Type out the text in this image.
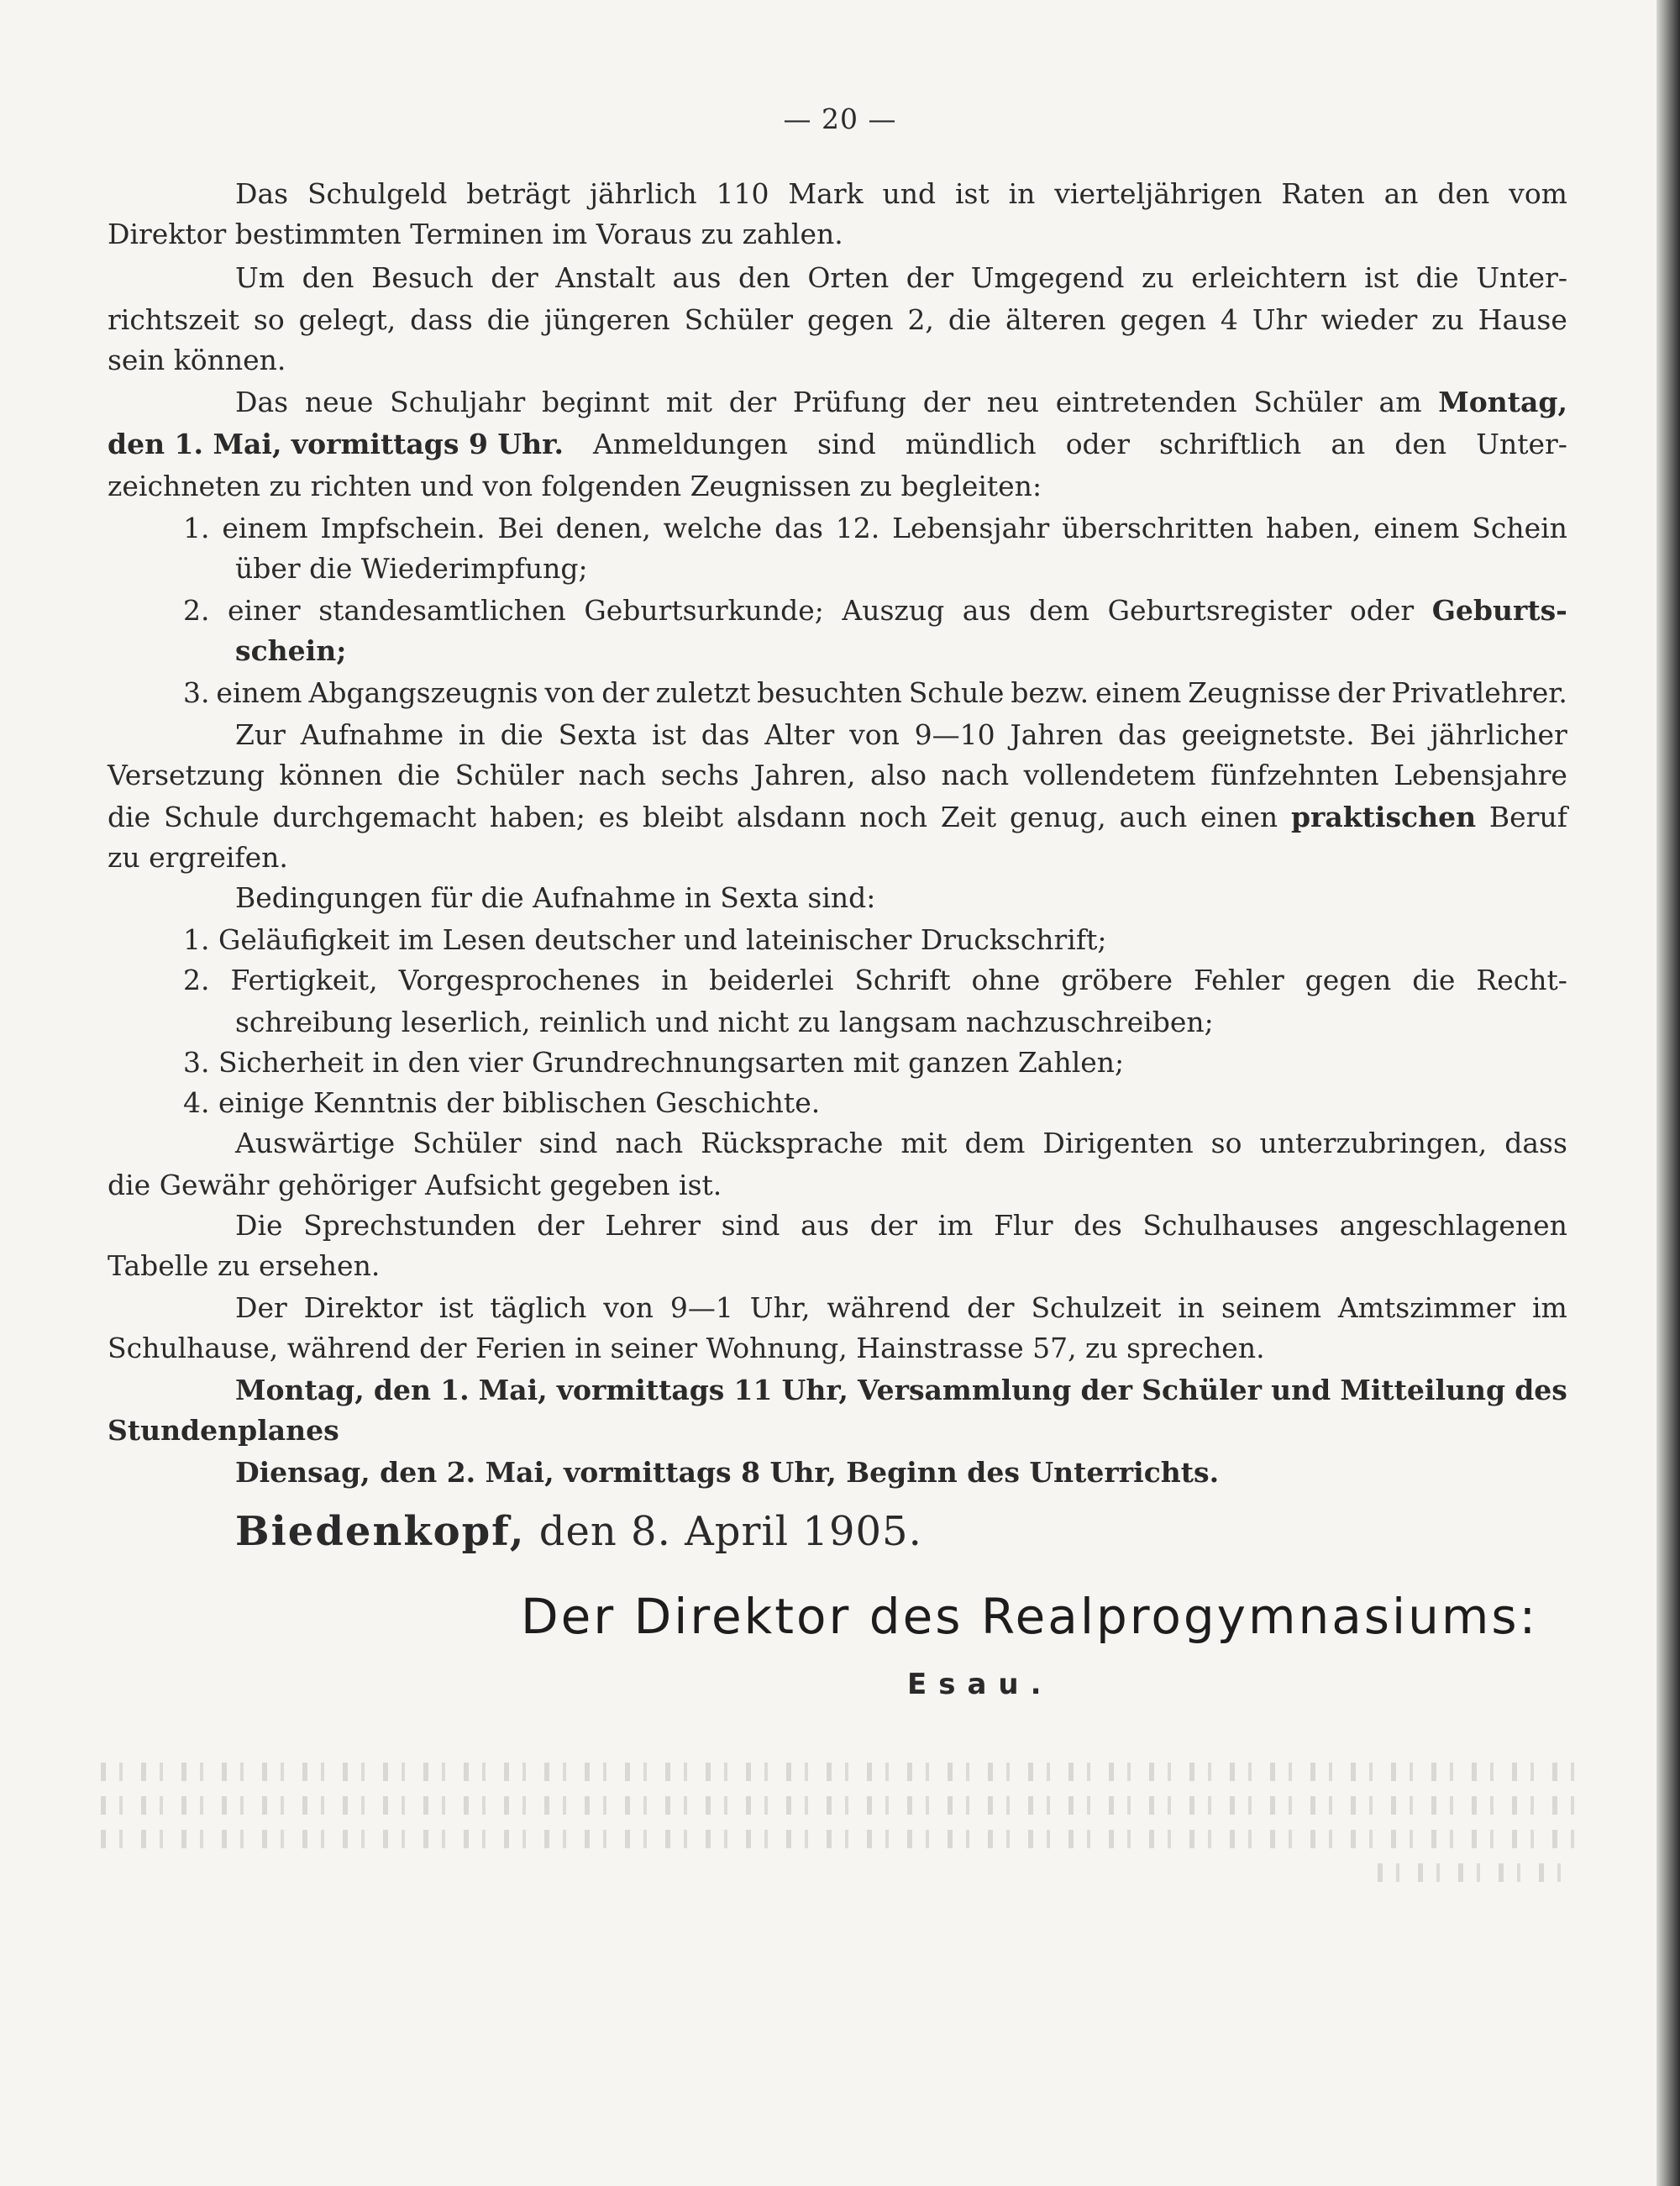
— 20 —
Das Schulgeld beträgt jährlich 110 Mark und ist in vierteljährigen Raten an den vom
Direktor bestimmten Terminen im Voraus zu zahlen.
Um den Besuch der Anstalt aus den Orten der Umgegend zu erleichtern ist die Unter-
richtszeit so gelegt, dass die jüngeren Schüler gegen 2, die älteren gegen 4 Uhr wieder zu Hause
sein können.
Das neue Schuljahr beginnt mit der Prüfung der neu eintretenden Schüler am Montag,
den 1. Mai, vormittags 9 Uhr. Anmeldungen sind mündlich oder schriftlich an den Unter-
zeichneten zu richten und von folgenden Zeugnissen zu begleiten:
1. einem Impfschein. Bei denen, welche das 12. Lebensjahr überschritten haben, einem Schein
über die Wiederimpfung;
2. einer standesamtlichen Geburtsurkunde; Auszug aus dem Geburtsregister oder Geburts-
schein;
3. einem Abgangszeugnis von der zuletzt besuchten Schule bezw. einem Zeugnisse der Privatlehrer.
Zur Aufnahme in die Sexta ist das Alter von 9—10 Jahren das geeignetste. Bei jährlicher
Versetzung können die Schüler nach sechs Jahren, also nach vollendetem fünfzehnten Lebensjahre
die Schule durchgemacht haben; es bleibt alsdann noch Zeit genug, auch einen praktischen Beruf
zu ergreifen.
Bedingungen für die Aufnahme in Sexta sind:
1. Geläufigkeit im Lesen deutscher und lateinischer Druckschrift;
2. Fertigkeit, Vorgesprochenes in beiderlei Schrift ohne gröbere Fehler gegen die Recht-
schreibung leserlich, reinlich und nicht zu langsam nachzuschreiben;
3. Sicherheit in den vier Grundrechnungsarten mit ganzen Zahlen;
4. einige Kenntnis der biblischen Geschichte.
Auswärtige Schüler sind nach Rücksprache mit dem Dirigenten so unterzubringen, dass
die Gewähr gehöriger Aufsicht gegeben ist.
Die Sprechstunden der Lehrer sind aus der im Flur des Schulhauses angeschlagenen
Tabelle zu ersehen.
Der Direktor ist täglich von 9—1 Uhr, während der Schulzeit in seinem Amtszimmer im
Schulhause, während der Ferien in seiner Wohnung, Hainstrasse 57, zu sprechen.
Montag, den 1. Mai, vormittags 11 Uhr, Versammlung der Schüler und Mitteilung des
Stundenplanes
Diensag, den 2. Mai, vormittags 8 Uhr, Beginn des Unterrichts.
Biedenkopf, den 8. April 1905.
Der Direktor des Realprogymnasiums:
Esau.
